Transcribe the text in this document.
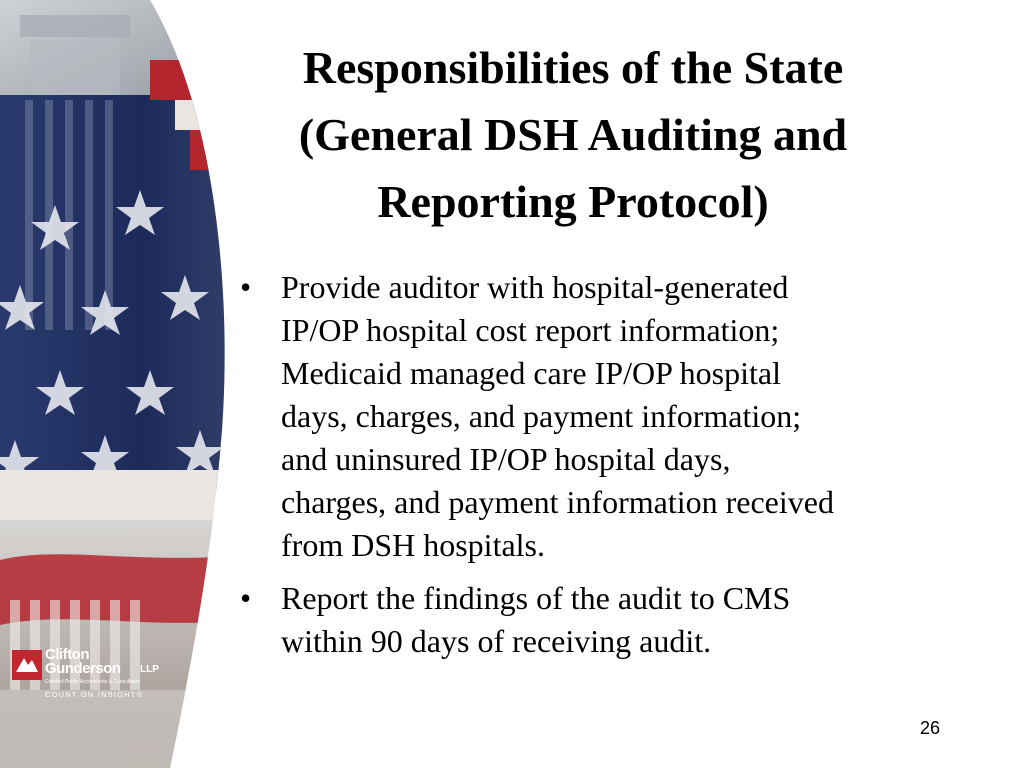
Responsibilities of the State
(General DSH Auditing and
Reporting Protocol)
• Provide auditor with hospital-generated
IP/OP hospital cost report information;
Medicaid managed care IP/OP hospital
days, charges, and payment information;
and uninsured IP/OP hospital days,
charges, and payment information received
from DSH hospitals.
• Report the findings of the audit to CMS
within 90 days of receiving audit.
Clifton
Gunderson LLP
Certified Public Accountants & Consultants
COUNT ON INSIGHT®
26
